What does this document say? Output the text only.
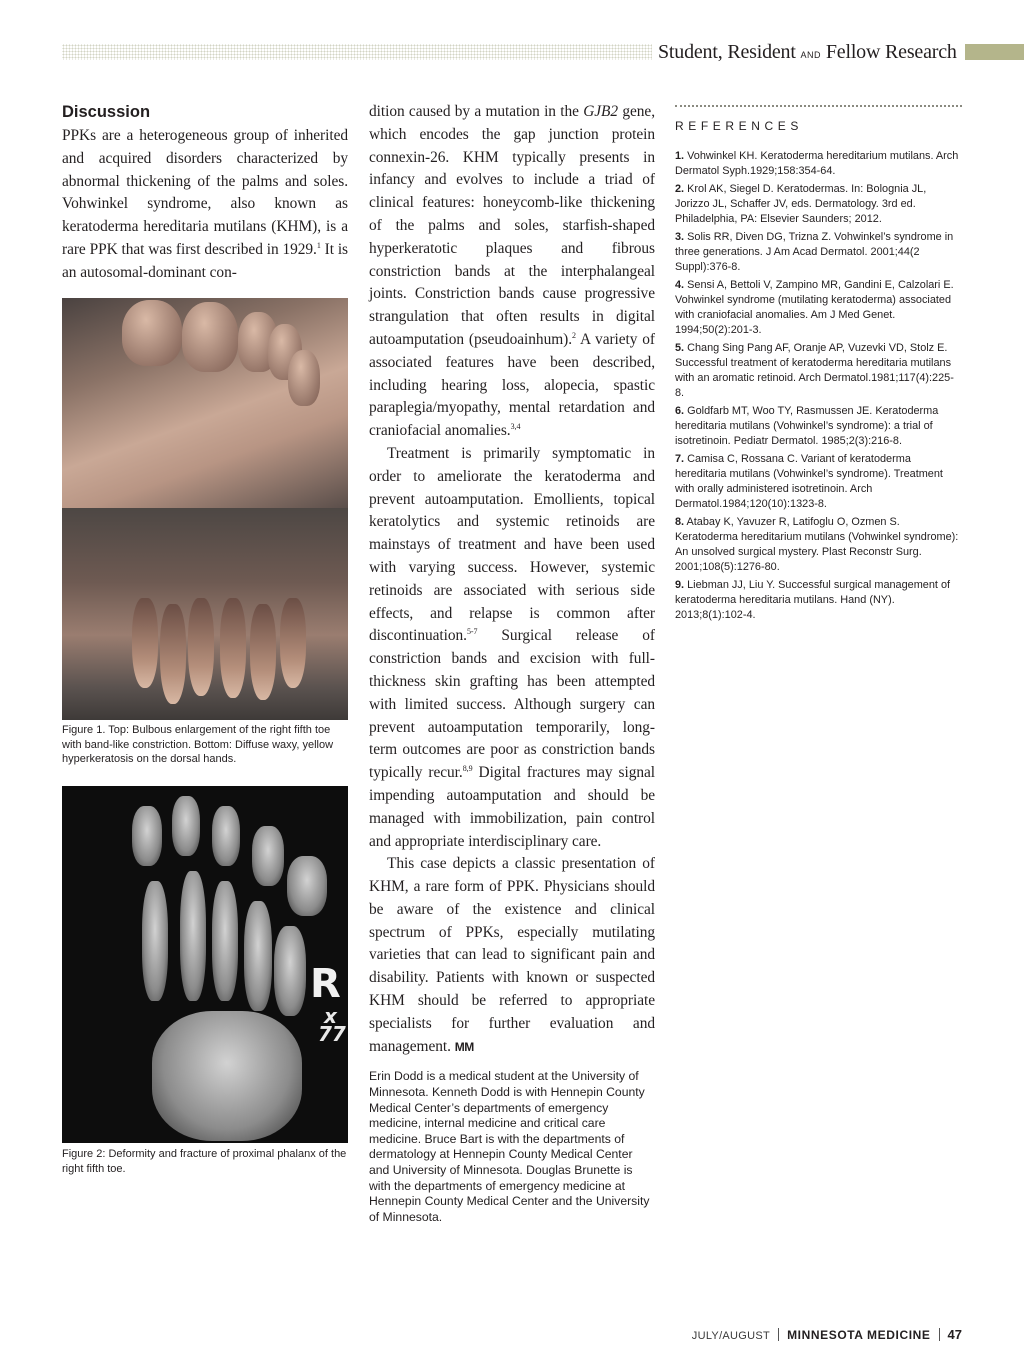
Student, Resident AND Fellow Research
Discussion

PPKs are a heterogeneous group of inherited and acquired disorders characterized by abnormal thickening of the palms and soles. Vohwinkel syndrome, also known as keratoderma hereditaria mutilans (KHM), is a rare PPK that was first described in 1929.$^1$ It is an autosomal-dominant con-

Figure 1. Top: Bulbous enlargement of the right fifth toe with band-like constriction. Bottom: Diffuse waxy, yellow hyperkeratosis on the dorsal hands.
R
x
77
Figure 2: Deformity and fracture of proximal phalanx of the right fifth toe.

dition caused by a mutation in the GJB2 gene, which encodes the gap junction protein connexin-26. KHM typically presents in infancy and evolves to include a triad of clinical features: honeycomb-like thickening of the palms and soles, starfish-shaped hyperkeratotic plaques and fibrous constriction bands at the interphalangeal joints. Constriction bands cause progressive strangulation that often results in digital autoamputation (pseudoainhum).$^2$ A variety of associated features have been described, including hearing loss, alopecia, spastic paraplegia/myopathy, mental retardation and craniofacial anomalies.$^{3,4}$

Treatment is primarily symptomatic in order to ameliorate the keratoderma and prevent autoamputation. Emollients, topical keratolytics and systemic retinoids are mainstays of treatment and have been used with varying success. However, systemic retinoids are associated with serious side effects, and relapse is common after discontinuation.$^{5-7}$ Surgical release of constriction bands and excision with full-thickness skin grafting has been attempted with limited success. Although surgery can prevent autoamputation temporarily, long-term outcomes are poor as constriction bands typically recur.$^{8,9}$ Digital fractures may signal impending autoamputation and should be managed with immobilization, pain control and appropriate interdisciplinary care.

This case depicts a classic presentation of KHM, a rare form of PPK. Physicians should be aware of the existence and clinical spectrum of PPKs, especially mutilating varieties that can lead to significant pain and disability. Patients with known or suspected KHM should be referred to appropriate specialists for further evaluation and management. MM

Erin Dodd is a medical student at the University of Minnesota. Kenneth Dodd is with Hennepin County Medical Center’s departments of emergency medicine, internal medicine and critical care medicine. Bruce Bart is with the departments of dermatology at Hennepin County Medical Center and University of Minnesota. Douglas Brunette is with the departments of emergency medicine at Hennepin County Medical Center and the University of Minnesota.

REFERENCES
1. Vohwinkel KH. Keratoderma hereditarium mutilans. Arch Dermatol Syph.1929;158:354-64.
2. Krol AK, Siegel D. Keratodermas. In: Bolognia JL, Jorizzo JL, Schaffer JV, eds. Dermatology. 3rd ed. Philadelphia, PA: Elsevier Saunders; 2012.
3. Solis RR, Diven DG, Trizna Z. Vohwinkel’s syndrome in three generations. J Am Acad Dermatol. 2001;44(2 Suppl):376-8.
4. Sensi A, Bettoli V, Zampino MR, Gandini E, Calzolari E. Vohwinkel syndrome (mutilating keratoderma) associated with craniofacial anomalies. Am J Med Genet. 1994;50(2):201-3.
5. Chang Sing Pang AF, Oranje AP, Vuzevki VD, Stolz E. Successful treatment of keratoderma hereditaria mutilans with an aromatic retinoid. Arch Dermatol.1981;117(4):225-8.
6. Goldfarb MT, Woo TY, Rasmussen JE. Keratoderma hereditaria mutilans (Vohwinkel’s syndrome): a trial of isotretinoin. Pediatr Dermatol. 1985;2(3):216-8.
7. Camisa C, Rossana C. Variant of keratoderma hereditaria mutilans (Vohwinkel’s syndrome). Treatment with orally administered isotretinoin. Arch Dermatol.1984;120(10):1323-8.
8. Atabay K, Yavuzer R, Latifoglu O, Ozmen S. Keratoderma hereditarium mutilans (Vohwinkel syndrome): An unsolved surgical mystery. Plast Reconstr Surg. 2001;108(5):1276-80.
9. Liebman JJ, Liu Y. Successful surgical management of keratoderma hereditaria mutilans. Hand (NY). 2013;8(1):102-4.
JULY/AUGUST MINNESOTA MEDICINE 47
